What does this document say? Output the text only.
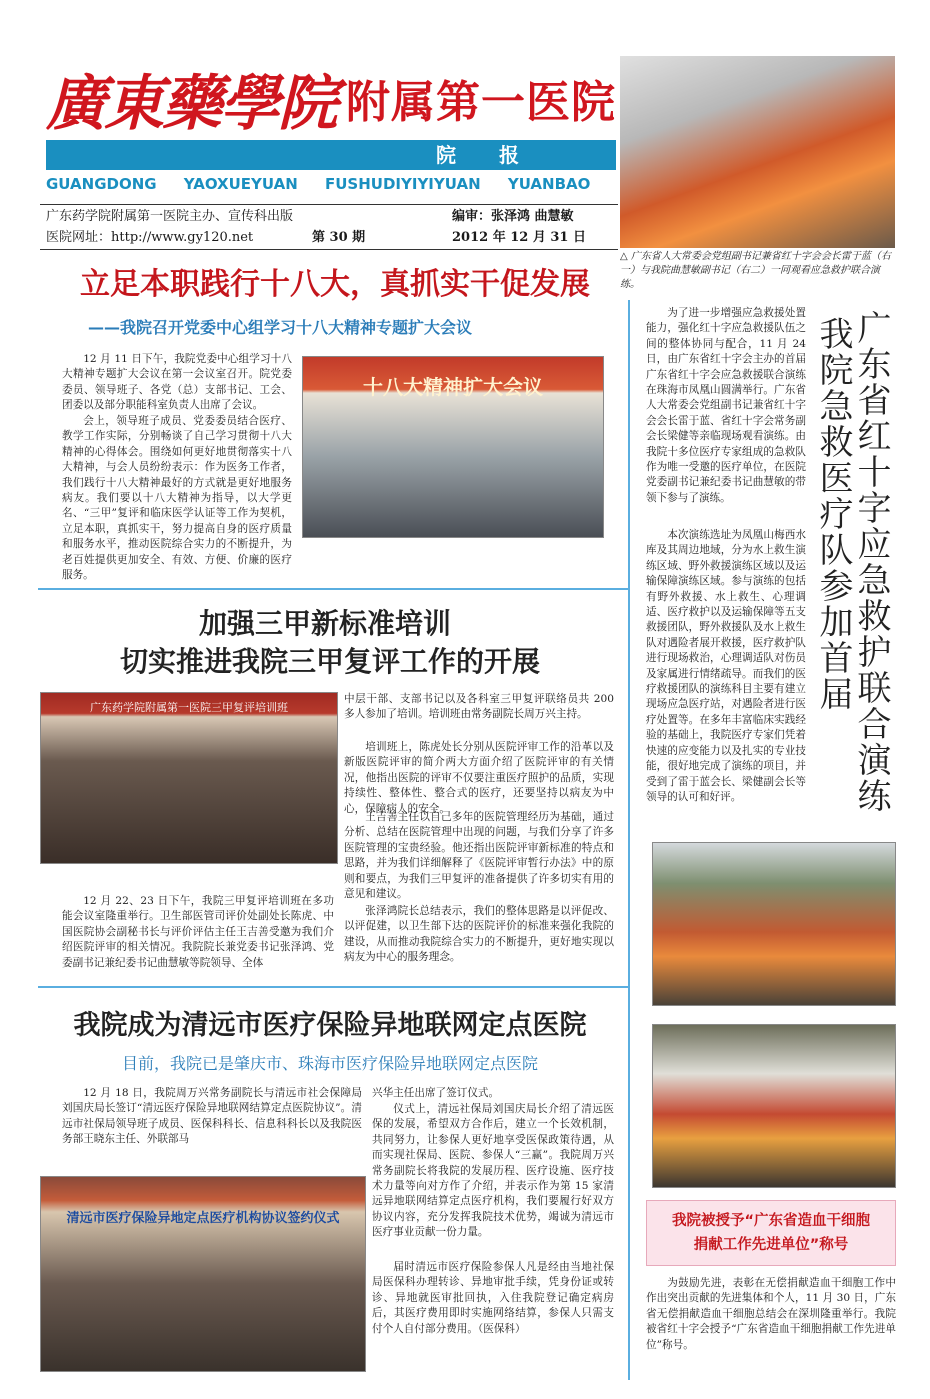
廣東藥學院 附属第一医院
院 报
GUANGDONG YAOXUEYUAN FUSHUDIYIYIYUAN YUANBAO
广东药学院附属第一医院主办、宣传科出版	编审：张泽鸿 曲慧敏
医院网址：http://www.gy120.net	第 30 期	2012 年 12 月 31 日
△ 广东省人大常委会党组副书记兼省红十字会会长雷于蓝（右一）与我院曲慧敏副书记（右二）一同观看应急救护联合演练。
立足本职践行十八大，真抓实干促发展
——我院召开党委中心组学习十八大精神专题扩大会议
12 月 11 日下午，我院党委中心组学习十八大精神专题扩大会议在第一会议室召开。院党委委员、领导班子、各党（总）支部书记、工会、团委以及部分职能科室负责人出席了会议。
会上，领导班子成员、党委委员结合医疗、教学工作实际，分别畅谈了自己学习贯彻十八大精神的心得体会。围绕如何更好地贯彻落实十八大精神，与会人员纷纷表示：作为医务工作者，我们践行十八大精神最好的方式就是更好地服务病友。我们要以十八大精神为指导，以大学更名、“三甲”复评和临床医学认证等工作为契机，立足本职，真抓实干，努力提高自身的医疗质量和服务水平，推动医院综合实力的不断提升，为老百姓提供更加安全、有效、方便、价廉的医疗服务。
十八大精神扩大会议
加强三甲新标准培训
切实推进我院三甲复评工作的开展
广东药学院附属第一医院三甲复评培训班
12 月 22、23 日下午，我院三甲复评培训班在多功能会议室隆重举行。卫生部医管司评价处副处长陈虎、中国医院协会副秘书长与评价评估主任王吉善受邀为我们介绍医院评审的相关情况。我院院长兼党委书记张泽鸿、党委副书记兼纪委书记曲慧敏等院领导、全体
中层干部、支部书记以及各科室三甲复评联络员共 200 多人参加了培训。培训班由常务副院长周万兴主持。
培训班上，陈虎处长分别从医院评审工作的沿革以及新版医院评审的简介两大方面介绍了医院评审的有关情况，他指出医院的评审不仅要注重医疗照护的品质，实现持续性、整体性、整合式的医疗，还要坚持以病友为中心，保障病人的安全。
王吉善主任以自己多年的医院管理经历为基础，通过分析、总结在医院管理中出现的问题，与我们分享了许多医院管理的宝贵经验。他还指出医院评审新标准的特点和思路，并为我们详细解释了《医院评审暂行办法》中的原则和要点，为我们三甲复评的准备提供了许多切实有用的意见和建议。
张泽鸿院长总结表示，我们的整体思路是以评促改、以评促建，以卫生部下达的医院评价的标准来强化我院的建设，从而推动我院综合实力的不断提升，更好地实现以病友为中心的服务理念。
我院成为清远市医疗保险异地联网定点医院
目前，我院已是肇庆市、珠海市医疗保险异地联网定点医院
12 月 18 日，我院周万兴常务副院长与清远市社会保障局刘国庆局长签订“清远医疗保险异地联网结算定点医院协议”。清远市社保局领导班子成员、医保科科长、信息科科长以及我院医务部王晓东主任、外联部马
清远市医疗保险异地定点医疗机构协议签约仪式
兴华主任出席了签订仪式。
仪式上，清远社保局刘国庆局长介绍了清远医保的发展，希望双方合作后，建立一个长效机制，共同努力，让参保人更好地享受医保政策待遇，从而实现社保局、医院、参保人“三赢”。我院周万兴常务副院长将我院的发展历程、医疗设施、医疗技术力量等向对方作了介绍，并表示作为第 15 家清远异地联网结算定点医疗机构，我们要履行好双方协议内容，充分发挥我院技术优势，竭诚为清远市医疗事业贡献一份力量。
届时清远市医疗保险参保人凡是经由当地社保局医保科办理转诊、异地审批手续，凭身份证或转诊、异地就医审批回执，入住我院登记确定病房后，其医疗费用即时实施网络结算，参保人只需支付个人自付部分费用。（医保科）
广东省红十字应急救护联合演练
我院急救医疗队参加首届
为了进一步增强应急救援处置能力，强化红十字应急救援队伍之间的整体协同与配合，11 月 24 日，由广东省红十字会主办的首届广东省红十字会应急救援联合演练在珠海市凤凰山圆满举行。广东省人大常委会党组副书记兼省红十字会会长雷于蓝、省红十字会常务副会长梁健等亲临现场观看演练。由我院十多位医疗专家组成的急救队作为唯一受邀的医疗单位，在医院党委副书记兼纪委书记曲慧敏的带领下参与了演练。
本次演练选址为凤凰山梅西水库及其周边地域，分为水上救生演练区域、野外救援演练区域以及运输保障演练区域。参与演练的包括有野外救援、水上救生、心理调适、医疗救护以及运输保障等五支救援团队，野外救援队及水上救生队对遇险者展开救援，医疗救护队进行现场救治，心理调适队对伤员及家属进行情绪疏导。而我们的医疗救援团队的演练科目主要有建立现场应急医疗站，对遇险者进行医疗处置等。在多年丰富临床实践经验的基础上，我院医疗专家们凭着快速的应变能力以及扎实的专业技能，很好地完成了演练的项目，并受到了雷于蓝会长、梁健副会长等领导的认可和好评。
我院被授予“广东省造血干细胞
捐献工作先进单位”称号
为鼓励先进，表彰在无偿捐献造血干细胞工作中作出突出贡献的先进集体和个人，11 月 30 日，广东省无偿捐献造血干细胞总结会在深圳隆重举行。我院被省红十字会授予“广东省造血干细胞捐献工作先进单位”称号。
